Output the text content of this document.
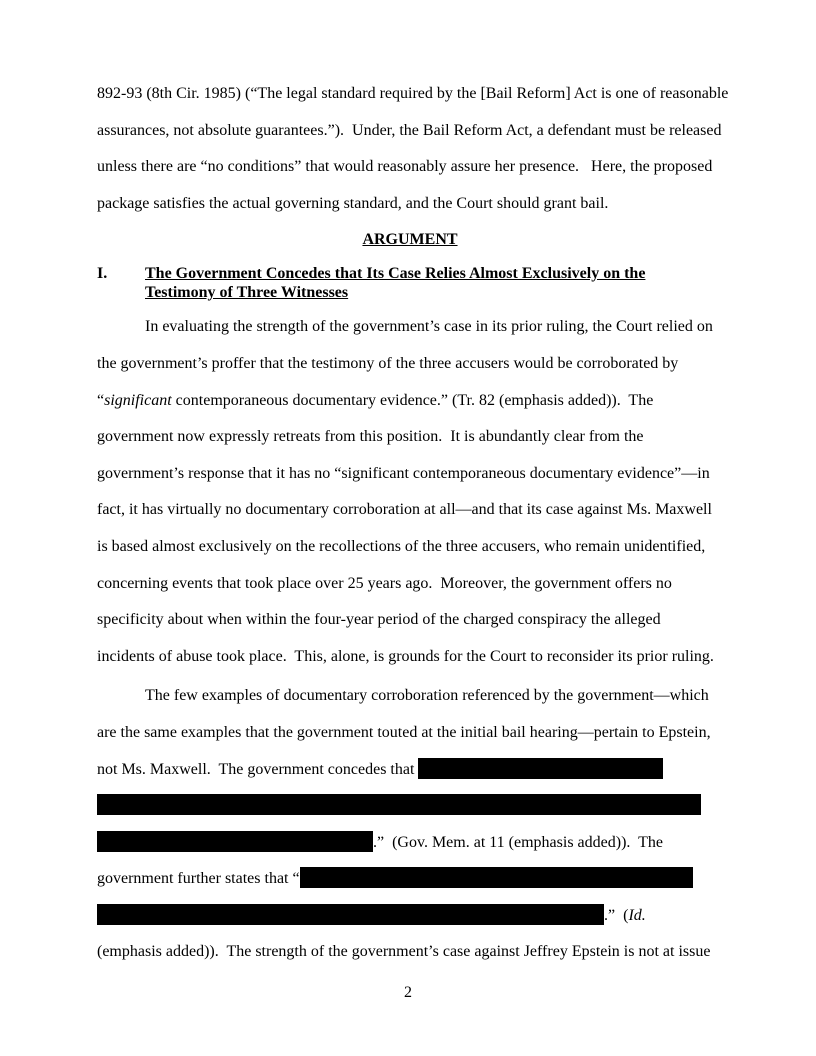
892-93 (8th Cir. 1985) (“The legal standard required by the [Bail Reform] Act is one of reasonable
assurances, not absolute guarantees.”).  Under, the Bail Reform Act, a defendant must be released
unless there are “no conditions” that would reasonably assure her presence.   Here, the proposed
package satisfies the actual governing standard, and the Court should grant bail.
ARGUMENT
I.	The Government Concedes that Its Case Relies Almost Exclusively on the
Testimony of Three Witnesses
In evaluating the strength of the government’s case in its prior ruling, the Court relied on
the government’s proffer that the testimony of the three accusers would be corroborated by
“significant contemporaneous documentary evidence.” (Tr. 82 (emphasis added)).  The
government now expressly retreats from this position.  It is abundantly clear from the
government’s response that it has no “significant contemporaneous documentary evidence”—in
fact, it has virtually no documentary corroboration at all—and that its case against Ms. Maxwell
is based almost exclusively on the recollections of the three accusers, who remain unidentified,
concerning events that took place over 25 years ago.  Moreover, the government offers no
specificity about when within the four-year period of the charged conspiracy the alleged
incidents of abuse took place.  This, alone, is grounds for the Court to reconsider its prior ruling.
The few examples of documentary corroboration referenced by the government—which
are the same examples that the government touted at the initial bail hearing—pertain to Epstein,
not Ms. Maxwell.  The government concedes that
.”  (Gov. Mem. at 11 (emphasis added)).  The
government further states that “
.”  (Id.
(emphasis added)).  The strength of the government’s case against Jeffrey Epstein is not at issue
2
